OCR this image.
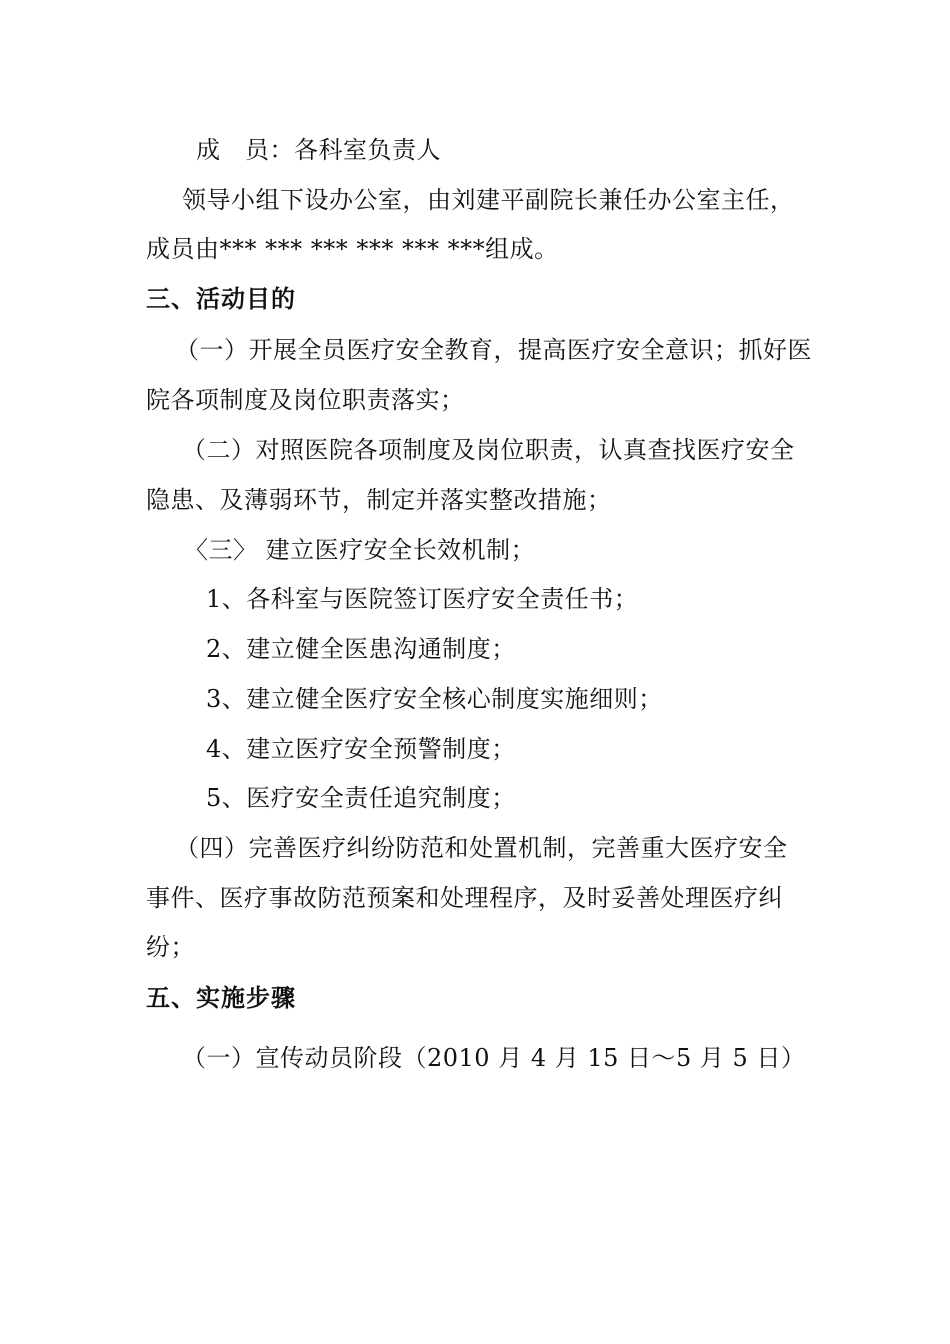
成　员：各科室负责人
领导小组下设办公室，由刘建平副院长兼任办公室主任，
成员由*** *** *** *** *** ***组成。
三、活动目的
（一）开展全员医疗安全教育，提高医疗安全意识；抓好医
院各项制度及岗位职责落实；
（二）对照医院各项制度及岗位职责，认真查找医疗安全
隐患、及薄弱环节，制定并落实整改措施；
〈三〉 建立医疗安全长效机制；
1、各科室与医院签订医疗安全责任书；
2、建立健全医患沟通制度；
3、建立健全医疗安全核心制度实施细则；
4、建立医疗安全预警制度；
5、医疗安全责任追究制度；
（四）完善医疗纠纷防范和处置机制，完善重大医疗安全
事件、医疗事故防范预案和处理程序，及时妥善处理医疗纠
纷；
五、实施步骤
（一）宣传动员阶段（2010 月 4 月 15 日～5 月 5 日）
